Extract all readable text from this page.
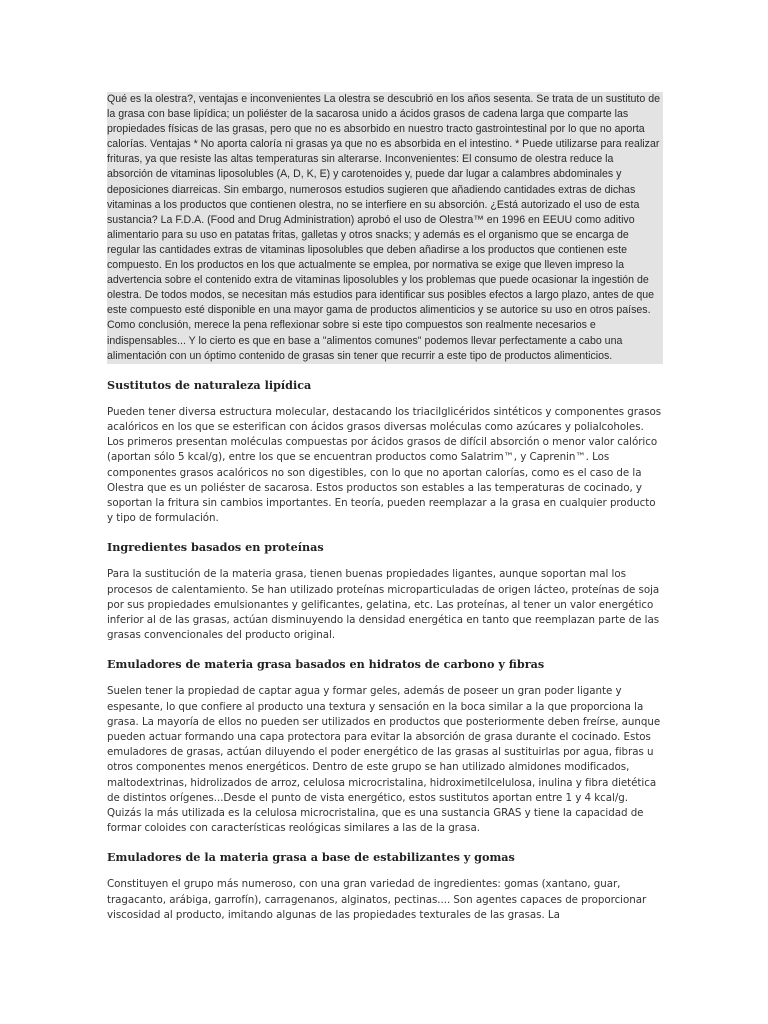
Qué es la olestra?, ventajas e inconvenientes La olestra se descubrió en los años sesenta. Se trata de un sustituto de la grasa con base lipídica; un poliéster de la sacarosa unido a ácidos grasos de cadena larga que comparte las propiedades físicas de las grasas, pero que no es absorbido en nuestro tracto gastrointestinal por lo que no aporta calorías. Ventajas * No aporta caloría ni grasas ya que no es absorbida en el intestino. * Puede utilizarse para realizar frituras, ya que resiste las altas temperaturas sin alterarse. Inconvenientes: El consumo de olestra reduce la absorción de vitaminas liposolubles (A, D, K, E) y carotenoides y, puede dar lugar a calambres abdominales y deposiciones diarreicas. Sin embargo, numerosos estudios sugieren que añadiendo cantidades extras de dichas vitaminas a los productos que contienen olestra, no se interfiere en su absorción. ¿Está autorizado el uso de esta sustancia? La F.D.A. (Food and Drug Administration) aprobó el uso de Olestra™ en 1996 en EEUU como aditivo alimentario para su uso en patatas fritas, galletas y otros snacks; y además es el organismo que se encarga de regular las cantidades extras de vitaminas liposolubles que deben añadirse a los productos que contienen este compuesto. En los productos en los que actualmente se emplea, por normativa se exige que lleven impreso la advertencia sobre el contenido extra de vitaminas liposolubles y los problemas que puede ocasionar la ingestión de olestra. De todos modos, se necesitan más estudios para identificar sus posibles efectos a largo plazo, antes de que este compuesto esté disponible en una mayor gama de productos alimenticios y se autorice su uso en otros países. Como conclusión, merece la pena reflexionar sobre si este tipo compuestos son realmente necesarios e indispensables... Y lo cierto es que en base a "alimentos comunes" podemos llevar perfectamente a cabo una alimentación con un óptimo contenido de grasas sin tener que recurrir a este tipo de productos alimenticios.

Sustitutos de naturaleza lipídica

Pueden tener diversa estructura molecular, destacando los triacilglicéridos sintéticos y componentes grasos acalóricos en los que se esterifican con ácidos grasos diversas moléculas como azúcares y polialcoholes. Los primeros presentan moléculas compuestas por ácidos grasos de difícil absorción o menor valor calórico (aportan sólo 5 kcal/g), entre los que se encuentran productos como Salatrim™, y Caprenin™. Los componentes grasos acalóricos no son digestibles, con lo que no aportan calorías, como es el caso de la Olestra que es un poliéster de sacarosa. Estos productos son estables a las temperaturas de cocinado, y soportan la fritura sin cambios importantes. En teoría, pueden reemplazar a la grasa en cualquier producto y tipo de formulación.

Ingredientes basados en proteínas

Para la sustitución de la materia grasa, tienen buenas propiedades ligantes, aunque soportan mal los procesos de calentamiento. Se han utilizado proteínas microparticuladas de origen lácteo, proteínas de soja por sus propiedades emulsionantes y gelificantes, gelatina, etc. Las proteínas, al tener un valor energético inferior al de las grasas, actúan disminuyendo la densidad energética en tanto que reemplazan parte de las grasas convencionales del producto original.

Emuladores de materia grasa basados en hidratos de carbono y fibras

Suelen tener la propiedad de captar agua y formar geles, además de poseer un gran poder ligante y espesante, lo que confiere al producto una textura y sensación en la boca similar a la que proporciona la grasa. La mayoría de ellos no pueden ser utilizados en productos que posteriormente deben freírse, aunque pueden actuar formando una capa protectora para evitar la absorción de grasa durante el cocinado. Estos emuladores de grasas, actúan diluyendo el poder energético de las grasas al sustituirlas por agua, fibras u otros componentes menos energéticos. Dentro de este grupo se han utilizado almidones modificados, maltodextrinas, hidrolizados de arroz, celulosa microcristalina, hidroximetilcelulosa, inulina y fibra dietética de distintos orígenes...Desde el punto de vista energético, estos sustitutos aportan entre 1 y 4 kcal/g. Quizás la más utilizada es la celulosa microcristalina, que es una sustancia GRAS y tiene la capacidad de formar coloides con características reológicas similares a las de la grasa.

Emuladores de la materia grasa a base de estabilizantes y gomas

Constituyen el grupo más numeroso, con una gran variedad de ingredientes: gomas (xantano, guar, tragacanto, arábiga, garrofín), carragenanos, alginatos, pectinas.... Son agentes capaces de proporcionar viscosidad al producto, imitando algunas de las propiedades texturales de las grasas. La
